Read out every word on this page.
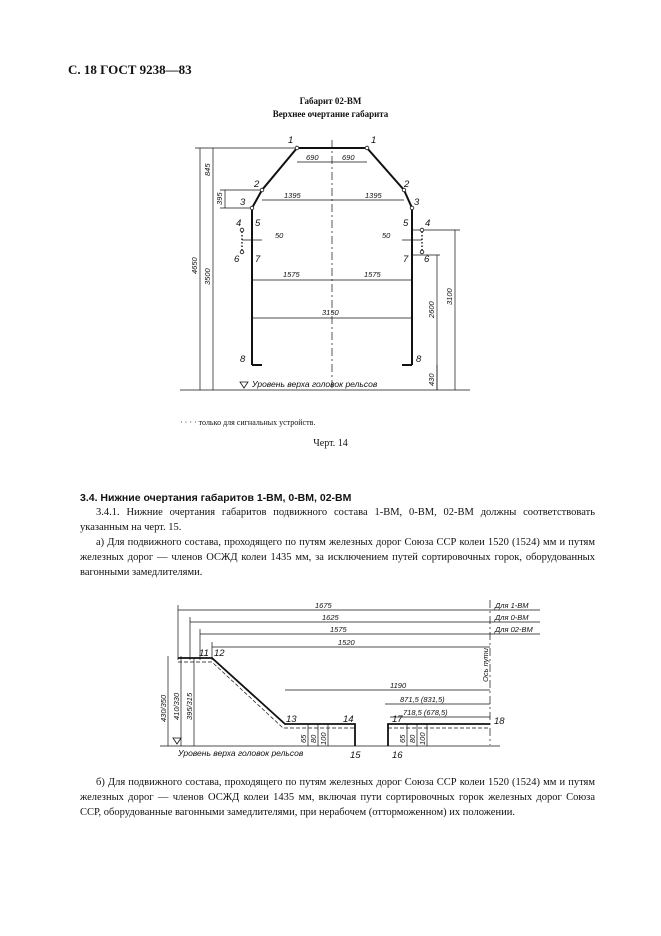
С. 18 ГОСТ 9238—83
Габарит 02-ВМ
Верхнее очертание габарита
1	1
2	2
3	3
4	4
5	5
6	6
7	7
8	8
690	690
1395	1395
50	50
1575	1575
3150
845
395
4650
3500
2600
3100
430
Уровень верха головок рельсов
· · · · только для сигнальных устройств.
Черт. 14
3.4. Нижние очертания габаритов 1-ВМ, 0-ВМ, 02-ВМ
3.4.1. Нижние очертания габаритов подвижного состава 1-ВМ, 0-ВМ, 02-ВМ должны соответствовать указанным на черт. 15.
а) Для подвижного состава, проходящего по путям железных дорог Союза ССР колеи 1520 (1524) мм и путям железных дорог — членов ОСЖД колеи 1435 мм, за исключением путей сортировочных горок, оборудованных вагонными замедлителями.
1675
1625
1575
1520
1190
871,5 (831,5)
718,5 (678,5)
Для 1-ВМ
Для 0-ВМ
Для 02-ВМ
Ось пути
430/350 410/330 395/315
65 80 100	65 80 100
11 12
13	14
15	16
17	18
Уровень верха головок рельсов
б) Для подвижного состава, проходящего по путям железных дорог Союза ССР колеи 1520 (1524) мм и путям железных дорог — членов ОСЖД колеи 1435 мм, включая пути сортировочных горок железных дорог Союза ССР, оборудованные вагонными замедлителями, при нерабочем (отторможенном) их положении.
